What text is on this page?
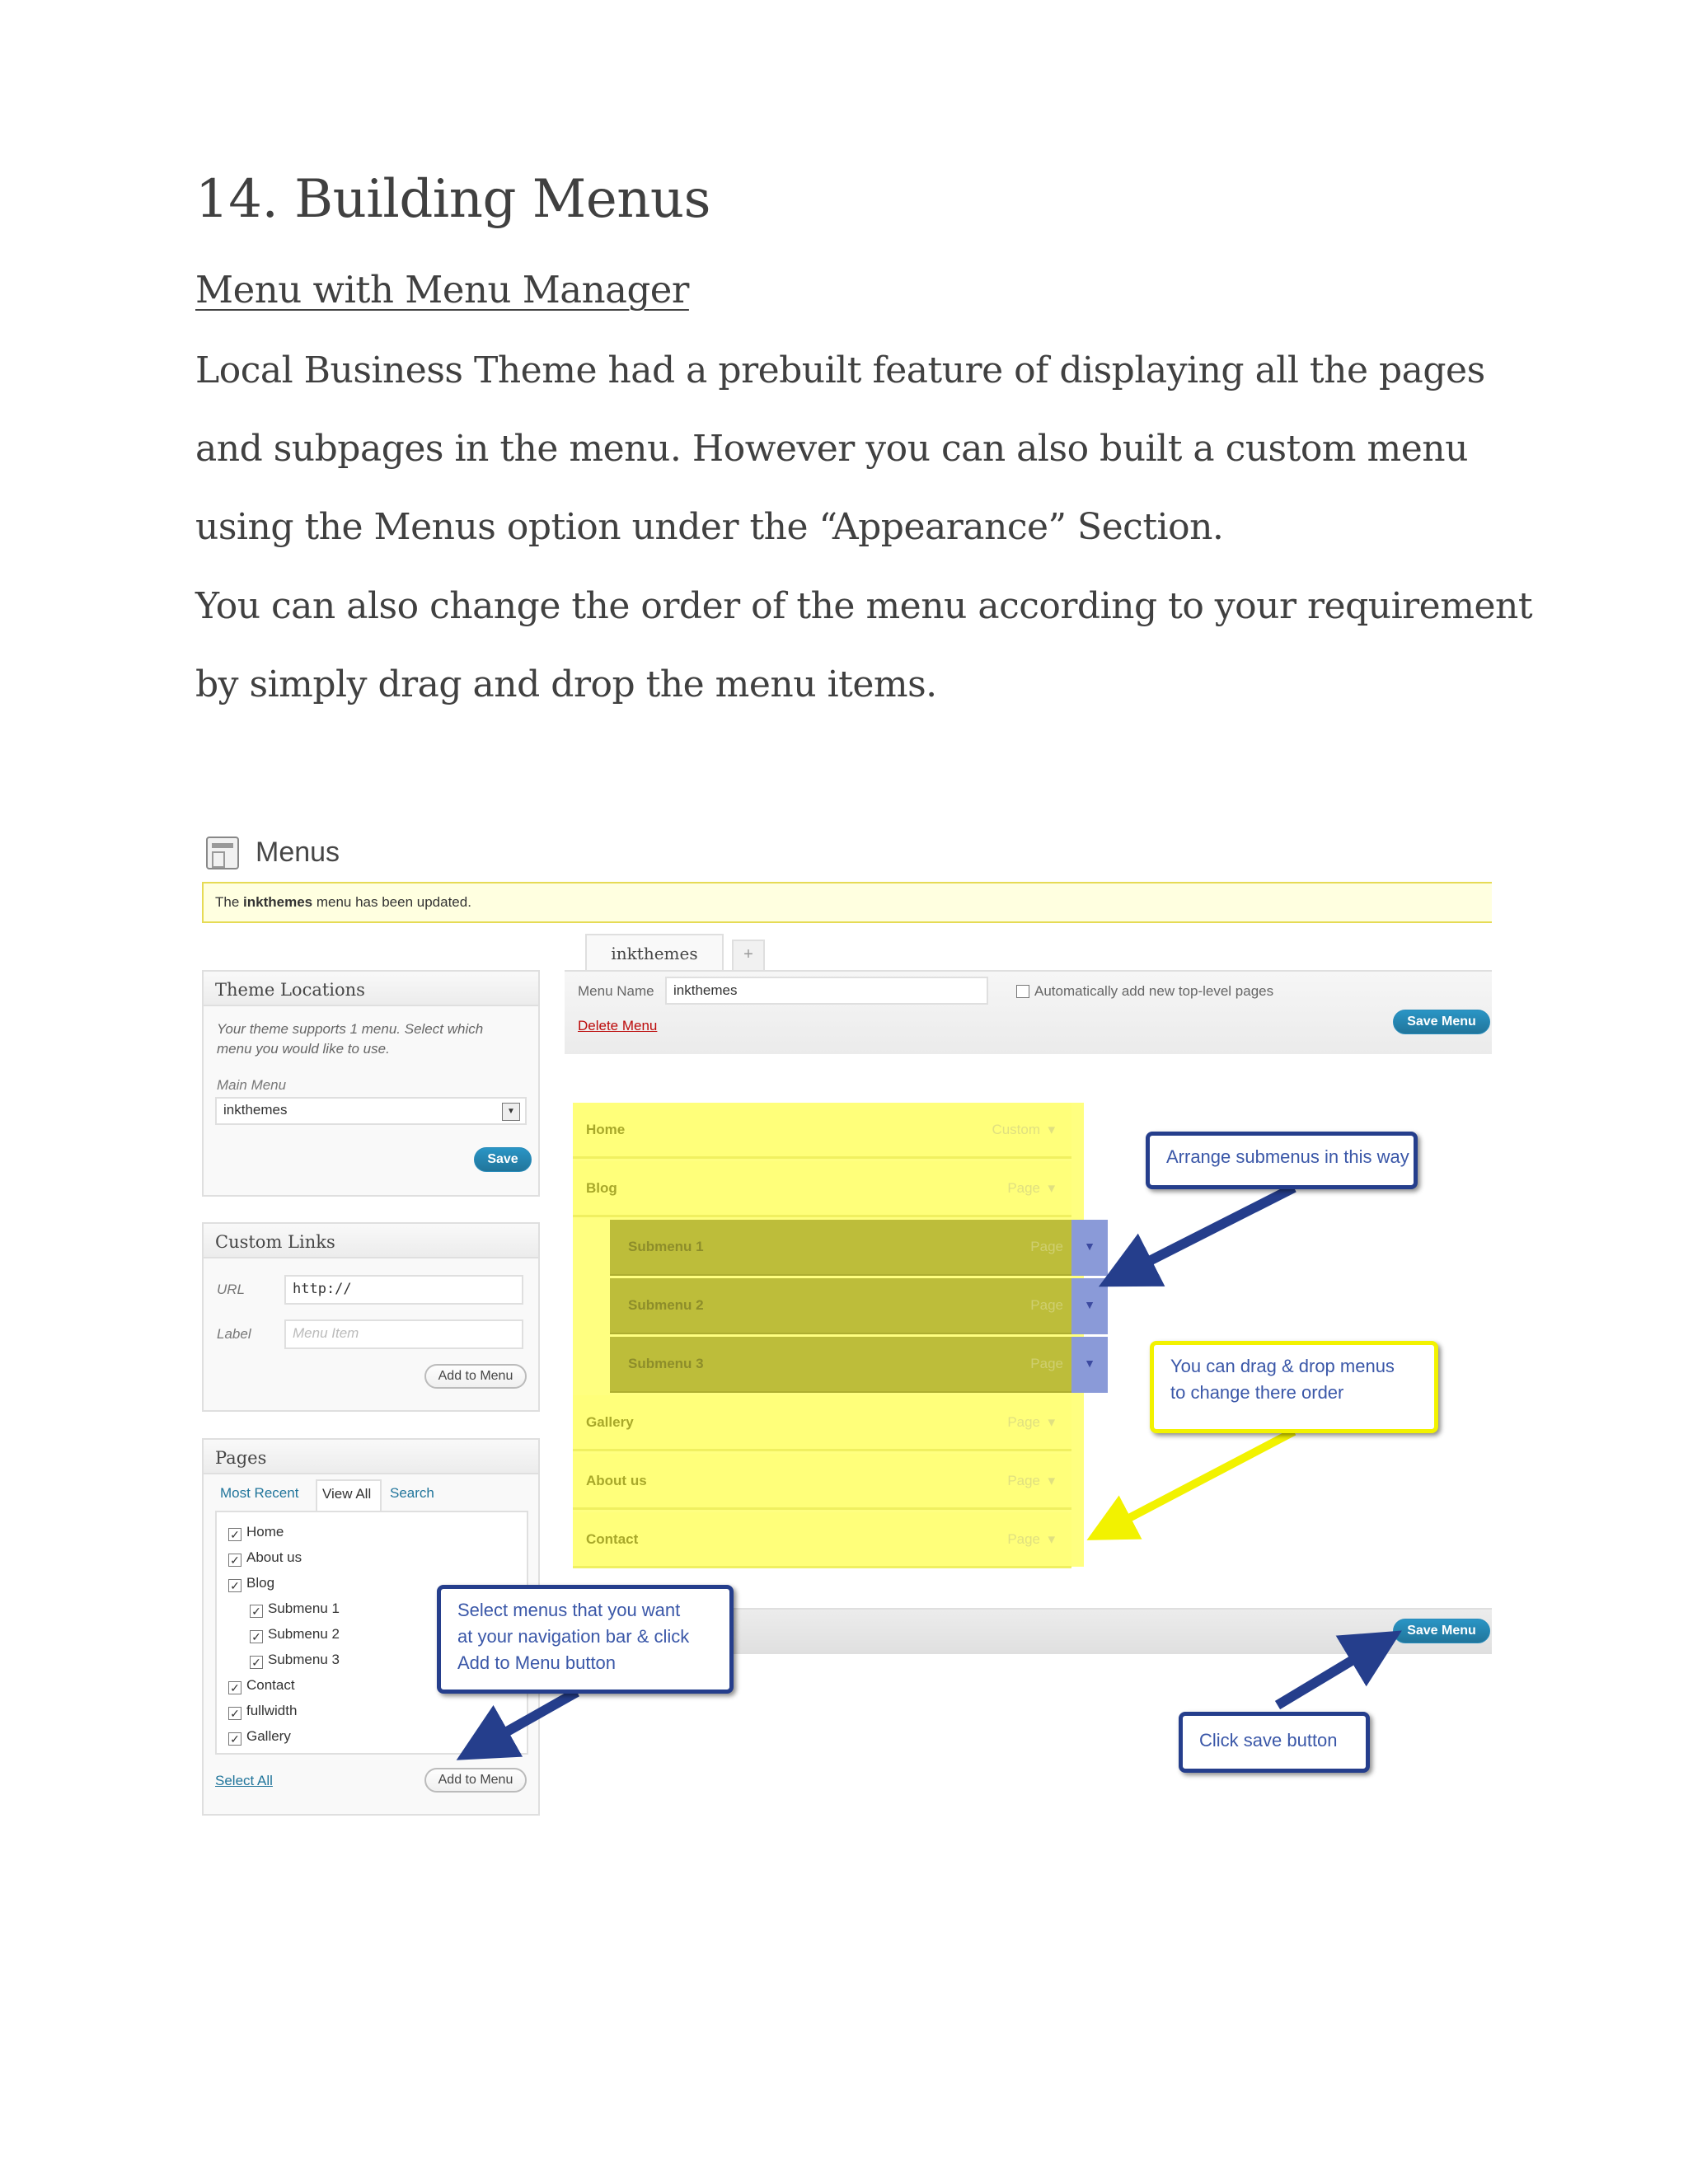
14. Building Menus
Menu with Menu Manager

Local Business Theme had a prebuilt feature of displaying all the pages and subpages in the menu. However you can also built a custom menu using the Menus option under the “Appearance” Section.

You can also change the order of the menu according to your requirement by simply drag and drop the menu items.

Menus
The inkthemes menu has been updated.
Theme Locations
Your theme supports 1 menu. Select which menu you would like to use.
Main Menu
inkthemes	▼
Save
Custom Links
URL	http://
Label	Menu Item
Add to Menu
Pages
Most Recent	View All	Search
✓ Home
✓ About us
✓ Blog
✓ Submenu 1
✓ Submenu 2
✓ Submenu 3
✓ Contact
✓ fullwidth
✓ Gallery
Select All	Add to Menu
inkthemes	+
Menu Name	inkthemes	Automatically add new top-level pages
Delete Menu	Save Menu
Home	Custom  ▾
Blog	Page  ▾
Submenu 1	Page	▼
Submenu 2	Page	▼
Submenu 3	Page	▼
Gallery	Page  ▾
About us	Page  ▾
Contact	Page  ▾
Save Menu
Arrange submenus in this way
You can drag & drop menus
to change there order
Select menus that you want
at your navigation bar & click
Add to Menu button
Click save button
